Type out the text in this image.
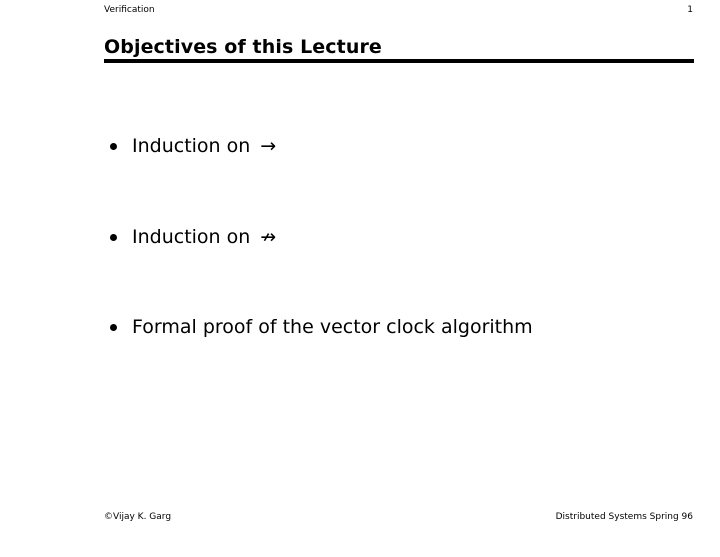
Verification	1
Objectives of this Lecture
Induction on →
Induction on ↛
Formal proof of the vector clock algorithm
©Vijay K. Garg	Distributed Systems Spring 96
